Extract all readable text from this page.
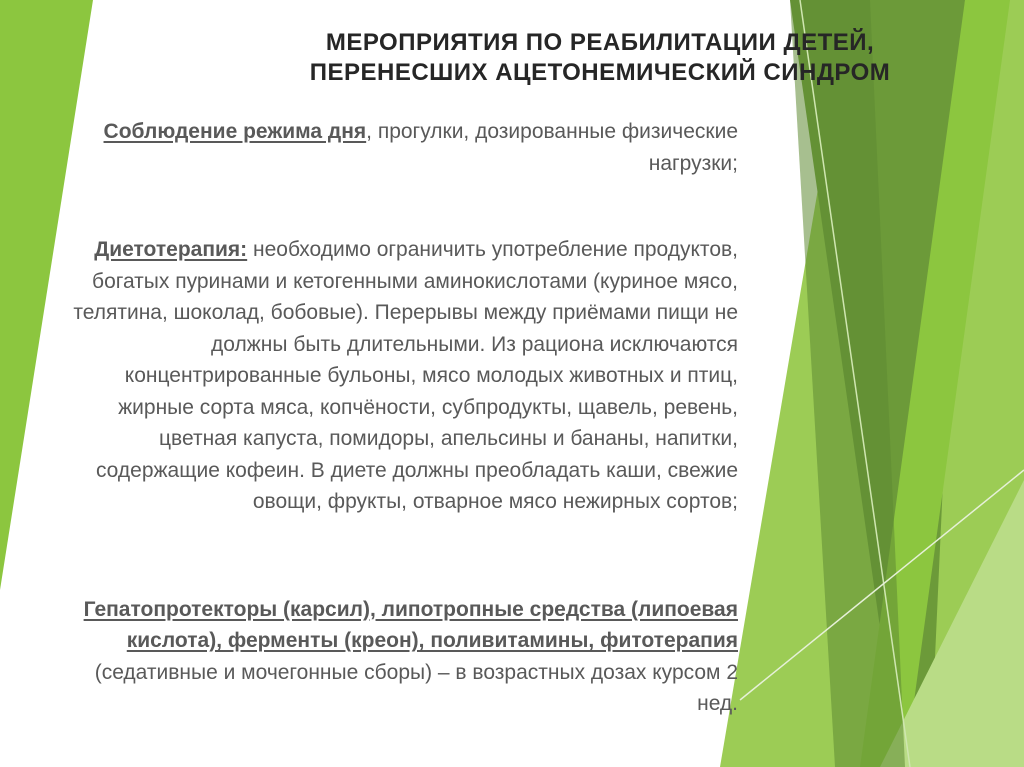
МЕРОПРИЯТИЯ ПО РЕАБИЛИТАЦИИ ДЕТЕЙ,
ПЕРЕНЕСШИХ АЦЕТОНЕМИЧЕСКИЙ СИНДРОМ

Соблюдение режима дня, прогулки, дозированные физические нагрузки;

Диетотерапия: необходимо ограничить употребление продуктов, богатых пуринами и кетогенными аминокислотами (куриное мясо, телятина, шоколад, бобовые). Перерывы между приёмами пищи не должны быть длительными. Из рациона исключаются концентрированные бульоны, мясо молодых животных и птиц, жирные сорта мяса, копчёности, субпродукты, щавель, ревень, цветная капуста, помидоры, апельсины и бананы, напитки, содержащие кофеин. В диете должны преобладать каши, свежие овощи, фрукты, отварное мясо нежирных сортов;

Гепатопротекторы (карсил), липотропные средства (липоевая кислота), ферменты (креон), поливитамины, фитотерапия (седативные и мочегонные сборы) – в возрастных дозах курсом 2 нед.
